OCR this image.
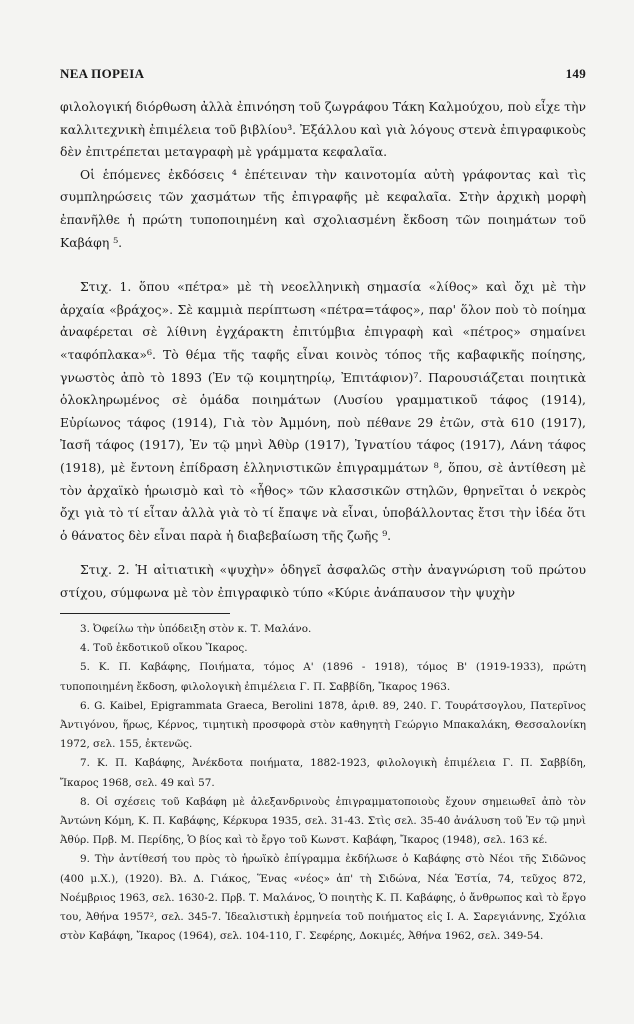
ΝΕΑ ΠΟΡΕΙΑ	149

φιλολογική διόρθωση ἀλλὰ ἐπινόηση τοῦ ζωγράφου Τάκη Καλμούχου, ποὺ εἶχε τὴν καλλιτεχνικὴ ἐπιμέλεια τοῦ βιβλίου³. Ἐξάλλου καὶ γιὰ λόγους στενὰ ἐπιγραφικοὺς δὲν ἐπιτρέπεται μεταγραφὴ μὲ γράμματα κεφαλαῖα.

Οἱ ἑπόμενες ἐκδόσεις ⁴ ἐπέτειναν τὴν καινοτομία αὐτὴ γράφοντας καὶ τὶς συμπληρώσεις τῶν χασμάτων τῆς ἐπιγραφῆς μὲ κεφαλαῖα. Στὴν ἀρχικὴ μορφὴ ἐπανῆλθε ἡ πρώτη τυποποιημένη καὶ σχολιασμένη ἔκδοση τῶν ποιημάτων τοῦ Καβάφη ⁵.

Στιχ. 1. ὅπου «πέτρα» μὲ τὴ νεοελληνικὴ σημασία «λίθος» καὶ ὄχι μὲ τὴν ἀρχαία «βράχος». Σὲ καμμιὰ περίπτωση «πέτρα=τάφος», παρ' ὅλον ποὺ τὸ ποίημα ἀναφέρεται σὲ λίθινη ἐγχάρακτη ἐπιτύμβια ἐπιγραφὴ καὶ «πέτρος» σημαίνει «ταφόπλακα»⁶. Τὸ θέμα τῆς ταφῆς εἶναι κοινὸς τόπος τῆς καβαφικῆς ποίησης, γνωστὸς ἀπὸ τὸ 1893 (Ἐν τῷ κοιμητηρίῳ, Ἐπιτάφιον)⁷. Παρουσιάζεται ποιητικὰ ὁλοκληρωμένος σὲ ὁμάδα ποιημάτων (Λυσίου γραμματικοῦ τάφος (1914), Εὐρίωνος τάφος (1914), Γιὰ τὸν Ἀμμόνη, ποὺ πέθανε 29 ἐτῶν, στὰ 610 (1917), Ἰασῆ τάφος (1917), Ἐν τῷ μηνὶ Ἀθὺρ (1917), Ἰγνατίου τάφος (1917), Λάνη τάφος (1918), μὲ ἔντονη ἐπίδραση ἑλληνιστικῶν ἐπιγραμμάτων ⁸, ὅπου, σὲ ἀντίθεση μὲ τὸν ἀρχαϊκὸ ἡρωισμὸ καὶ τὸ «ἦθος» τῶν κλασσικῶν στηλῶν, θρηνεῖται ὁ νεκρὸς ὄχι γιὰ τὸ τί εἶταν ἀλλὰ γιὰ τὸ τί ἔπαψε νὰ εἶναι, ὑποβάλλοντας ἔτσι τὴν ἰδέα ὅτι ὁ θάνατος δὲν εἶναι παρὰ ἡ διαβεβαίωση τῆς ζωῆς ⁹.

Στιχ. 2. Ἡ αἰτιατικὴ «ψυχὴν» ὁδηγεῖ ἀσφαλῶς στὴν ἀναγνώριση τοῦ πρώτου στίχου, σύμφωνα μὲ τὸν ἐπιγραφικὸ τύπο «Κύριε ἀνάπαυσον τὴν ψυχὴν

3. Ὀφείλω τὴν ὑπόδειξη στὸν κ. Τ. Μαλάνο.

4. Τοῦ ἐκδοτικοῦ οἴκου Ἴκαρος.

5. Κ. Π. Καβάφης, Ποιήματα, τόμος Α' (1896 - 1918), τόμος Β' (1919-1933), πρώτη τυποποιημένη ἔκδοση, φιλολογικὴ ἐπιμέλεια Γ. Π. Σαββίδη, Ἴκαρος 1963.

6. G. Kaibel, Epigrammata Graeca, Berolini 1878, ἀριθ. 89, 240. Γ. Τουράτσογλου, Πατερῖνος Ἀντιγόνου, ἥρως, Κέρνος, τιμητικὴ προσφορὰ στὸν καθηγητὴ Γεώργιο Μπακαλάκη, Θεσσαλονίκη 1972, σελ. 155, ἐκτενῶς.

7. Κ. Π. Καβάφης, Ἀνέκδοτα ποιήματα, 1882-1923, φιλολογικὴ ἐπιμέλεια Γ. Π. Σαββίδη, Ἴκαρος 1968, σελ. 49 καὶ 57.

8. Οἱ σχέσεις τοῦ Καβάφη μὲ ἀλεξανδρινοὺς ἐπιγραμματοποιοὺς ἔχουν σημειωθεῖ ἀπὸ τὸν Ἀντώνη Κόμη, Κ. Π. Καβάφης, Κέρκυρα 1935, σελ. 31-43. Στὶς σελ. 35-40 ἀνάλυση τοῦ Ἐν τῷ μηνὶ Ἀθύρ. Πρβ. Μ. Περίδης, Ὁ βίος καὶ τὸ ἔργο τοῦ Κωνστ. Καβάφη, Ἴκαρος (1948), σελ. 163 κέ.

9. Τὴν ἀντίθεσή του πρὸς τὸ ἡρωϊκὸ ἐπίγραμμα ἐκδήλωσε ὁ Καβάφης στὸ Νέοι τῆς Σιδῶνος (400 μ.Χ.), (1920). Βλ. Δ. Γιάκος, Ἕνας «νέος» ἀπ' τὴ Σιδώνα, Νέα Ἑστία, 74, τεῦχος 872, Νοέμβριος 1963, σελ. 1630-2. Πρβ. Τ. Μαλάνος, Ὁ ποιητὴς Κ. Π. Καβάφης, ὁ ἄνθρωπος καὶ τὸ ἔργο του, Ἀθήνα 1957², σελ. 345-7. Ἰδεαλιστικὴ ἑρμηνεία τοῦ ποιήματος εἰς Ι. Α. Σαρεγιάννης, Σχόλια στὸν Καβάφη, Ἴκαρος (1964), σελ. 104-110, Γ. Σεφέρης, Δοκιμές, Ἀθήνα 1962, σελ. 349-54.
